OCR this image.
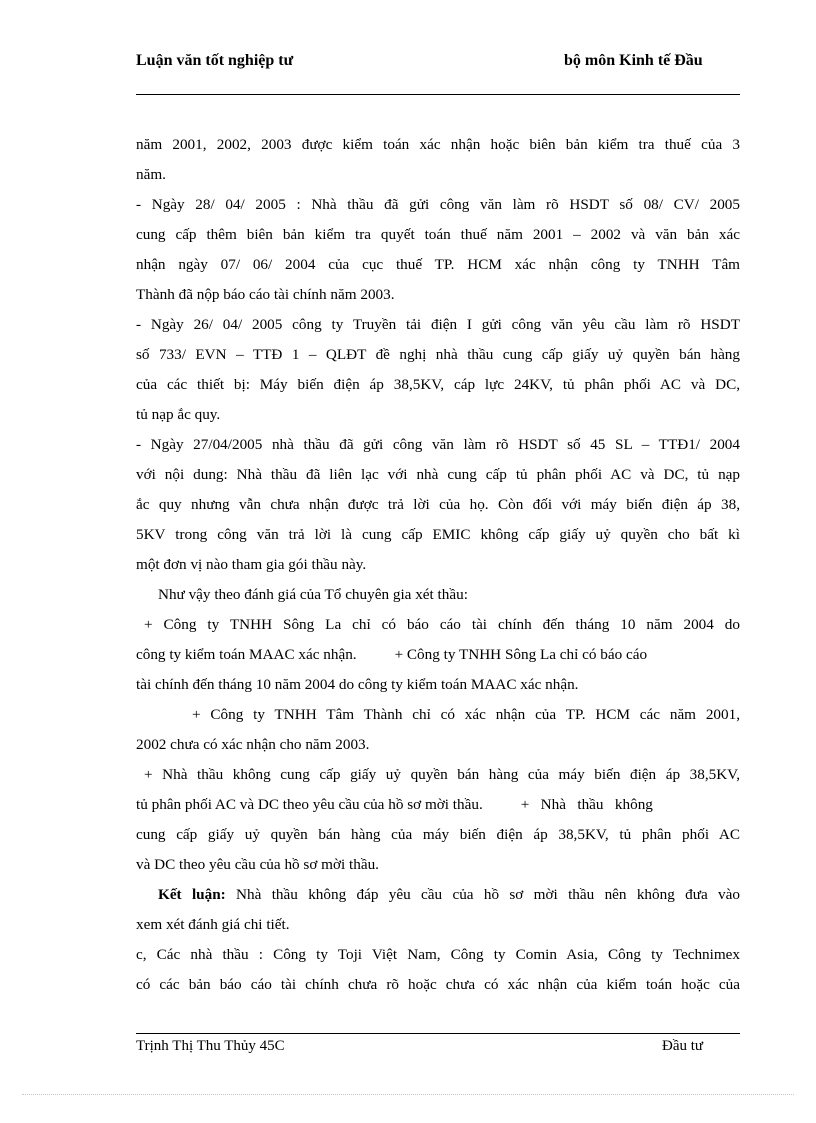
Luận văn tốt nghiệp tư	bộ môn Kinh tế Đầu
năm 2001, 2002, 2003 được kiểm toán xác nhận hoặc biên bản kiểm tra thuế của 3
năm.
- Ngày 28/ 04/ 2005 : Nhà thầu đã gửi công văn làm rõ HSDT số 08/ CV/ 2005
cung cấp thêm biên bản kiểm tra quyết toán thuế năm 2001 – 2002 và văn bản xác
nhận ngày 07/ 06/ 2004 của cục thuế TP. HCM xác nhận công ty TNHH Tâm
Thành đã nộp báo cáo tài chính năm 2003.
- Ngày 26/ 04/ 2005 công ty Truyền tải điện I gửi công văn yêu cầu làm rõ HSDT
số 733/ EVN – TTĐ 1 – QLĐT đề nghị nhà thầu cung cấp giấy uỷ quyền bán hàng
của các thiết bị: Máy biến điện áp 38,5KV, cáp lực 24KV, tủ phân phối AC và DC,
tủ nạp ắc quy.
- Ngày 27/04/2005 nhà thầu đã gửi công văn làm rõ HSDT số 45 SL – TTĐ1/ 2004
với nội dung: Nhà thầu đã liên lạc với nhà cung cấp tủ phân phối AC và DC, tủ nạp
ắc quy nhưng vẫn chưa nhận được trả lời của họ. Còn đối với máy biến điện áp 38,
5KV trong công văn trả lời là cung cấp EMIC không cấp giấy uỷ quyền cho bất kì
một đơn vị nào tham gia gói thầu này.
Như vậy theo đánh giá của Tổ chuyên gia xét thầu:
+ Công ty TNHH Sông La chỉ có báo cáo tài chính đến tháng 10 năm 2004 do
công ty kiểm toán MAAC xác nhận.          + Công ty TNHH Sông La chỉ có báo cáo
tài chính đến tháng 10 năm 2004 do công ty kiểm toán MAAC xác nhận.
+ Công ty TNHH Tâm Thành chỉ có xác nhận của TP. HCM các năm 2001,
2002 chưa có xác nhận cho năm 2003.
+ Nhà thầu không cung cấp giấy uỷ quyền bán hàng của máy biến điện áp 38,5KV,
tủ phân phối AC và DC theo yêu cầu của hồ sơ mời thầu.          +   Nhà   thầu   không
cung cấp giấy uỷ quyền bán hàng của máy biến điện áp 38,5KV, tủ phân phối AC
và DC theo yêu cầu của hồ sơ mời thầu.
Kết luận: Nhà thầu không đáp yêu cầu của hồ sơ mời thầu nên không đưa vào
xem xét đánh giá chi tiết.
c, Các nhà thầu : Công ty Toji Việt Nam, Công ty Comin Asia, Công ty Technimex
có các bản báo cáo tài chính chưa rõ hoặc chưa có xác nhận của kiểm toán hoặc của
Trịnh Thị Thu Thủy 45C	Đầu tư
